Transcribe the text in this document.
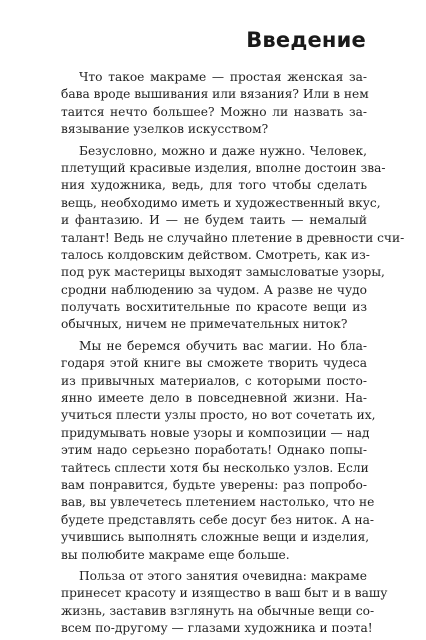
Введение
Что такое макраме — простая женская за-
бава вроде вышивания или вязания? Или в нем
таится нечто большее? Можно ли назвать за-
вязывание узелков искусством?
Безусловно, можно и даже нужно. Человек,
плетущий красивые изделия, вполне достоин зва-
ния художника, ведь, для того чтобы сделать
вещь, необходимо иметь и художественный вкус,
и фантазию. И — не будем таить — немалый
талант! Ведь не случайно плетение в древности счи-
талось колдовским действом. Смотреть, как из-
под рук мастерицы выходят замысловатые узоры,
сродни наблюдению за чудом. А разве не чудо
получать восхитительные по красоте вещи из
обычных, ничем не примечательных ниток?
Мы не беремся обучить вас магии. Но бла-
годаря этой книге вы сможете творить чудеса
из привычных материалов, с которыми посто-
янно имеете дело в повседневной жизни. На-
учиться плести узлы просто, но вот сочетать их,
придумывать новые узоры и композиции — над
этим надо серьезно поработать! Однако попы-
тайтесь сплести хотя бы несколько узлов. Если
вам понравится, будьте уверены: раз попробо-
вав, вы увлечетесь плетением настолько, что не
будете представлять себе досуг без ниток. А на-
учившись выполнять сложные вещи и изделия,
вы полюбите макраме еще больше.
Польза от этого занятия очевидна: макраме
принесет красоту и изящество в ваш быт и в вашу
жизнь, заставив взглянуть на обычные вещи со-
всем по-другому — глазами художника и поэта!
